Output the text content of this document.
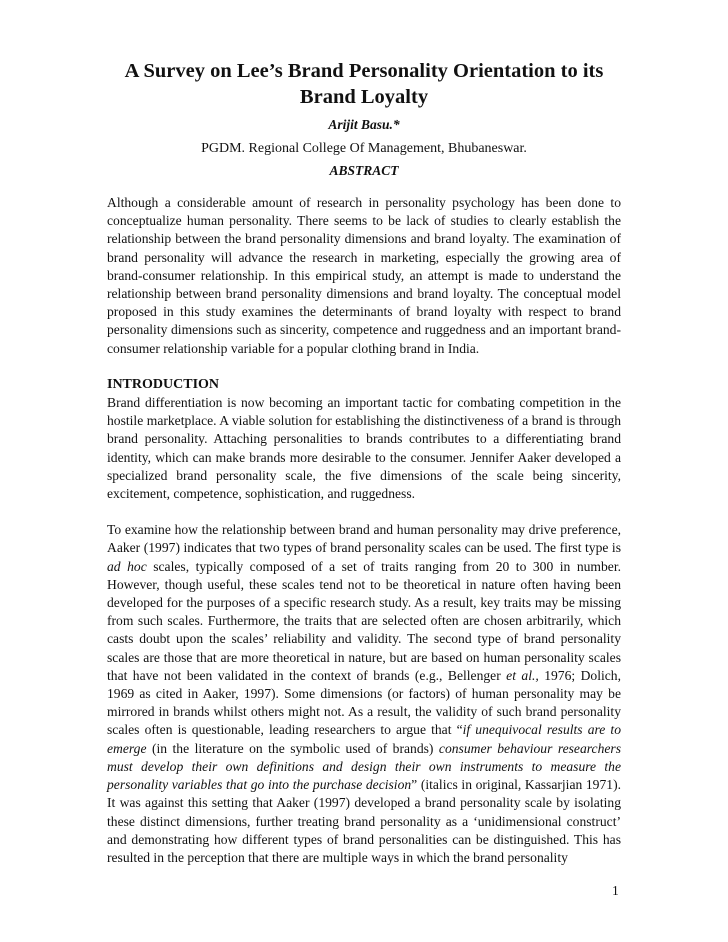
A Survey on Lee’s Brand Personality Orientation to its
Brand Loyalty
Arijit Basu.*
PGDM. Regional College Of Management, Bhubaneswar.
ABSTRACT

Although a considerable amount of research in personality psychology has been done to conceptualize human personality. There seems to be lack of studies to clearly establish the relationship between the brand personality dimensions and brand loyalty. The examination of brand personality will advance the research in marketing, especially the growing area of brand-consumer relationship. In this empirical study, an attempt is made to understand the relationship between brand personality dimensions and brand loyalty. The conceptual model proposed in this study examines the determinants of brand loyalty with respect to brand personality dimensions such as sincerity, competence and ruggedness and an important brand-consumer relationship variable for a popular clothing brand in India.

INTRODUCTION

Brand differentiation is now becoming an important tactic for combating competition in the hostile marketplace. A viable solution for establishing the distinctiveness of a brand is through brand personality. Attaching personalities to brands contributes to a differentiating brand identity, which can make brands more desirable to the consumer. Jennifer Aaker developed a specialized brand personality scale, the five dimensions of the scale being sincerity, excitement, competence, sophistication, and ruggedness.

To examine how the relationship between brand and human personality may drive preference, Aaker (1997) indicates that two types of brand personality scales can be used. The first type is ad hoc scales, typically composed of a set of traits ranging from 20 to 300 in number. However, though useful, these scales tend not to be theoretical in nature often having been developed for the purposes of a specific research study. As a result, key traits may be missing from such scales. Furthermore, the traits that are selected often are chosen arbitrarily, which casts doubt upon the scales’ reliability and validity. The second type of brand personality scales are those that are more theoretical in nature, but are based on human personality scales that have not been validated in the context of brands (e.g., Bellenger et al., 1976; Dolich, 1969 as cited in Aaker, 1997). Some dimensions (or factors) of human personality may be mirrored in brands whilst others might not. As a result, the validity of such brand personality scales often is questionable, leading researchers to argue that “if unequivocal results are to emerge (in the literature on the symbolic used of brands) consumer behaviour researchers must develop their own definitions and design their own instruments to measure the personality variables that go into the purchase decision” (italics in original, Kassarjian 1971). It was against this setting that Aaker (1997) developed a brand personality scale by isolating these distinct dimensions, further treating brand personality as a ‘unidimensional construct’ and demonstrating how different types of brand personalities can be distinguished. This has resulted in the perception that there are multiple ways in which the brand personality

1
